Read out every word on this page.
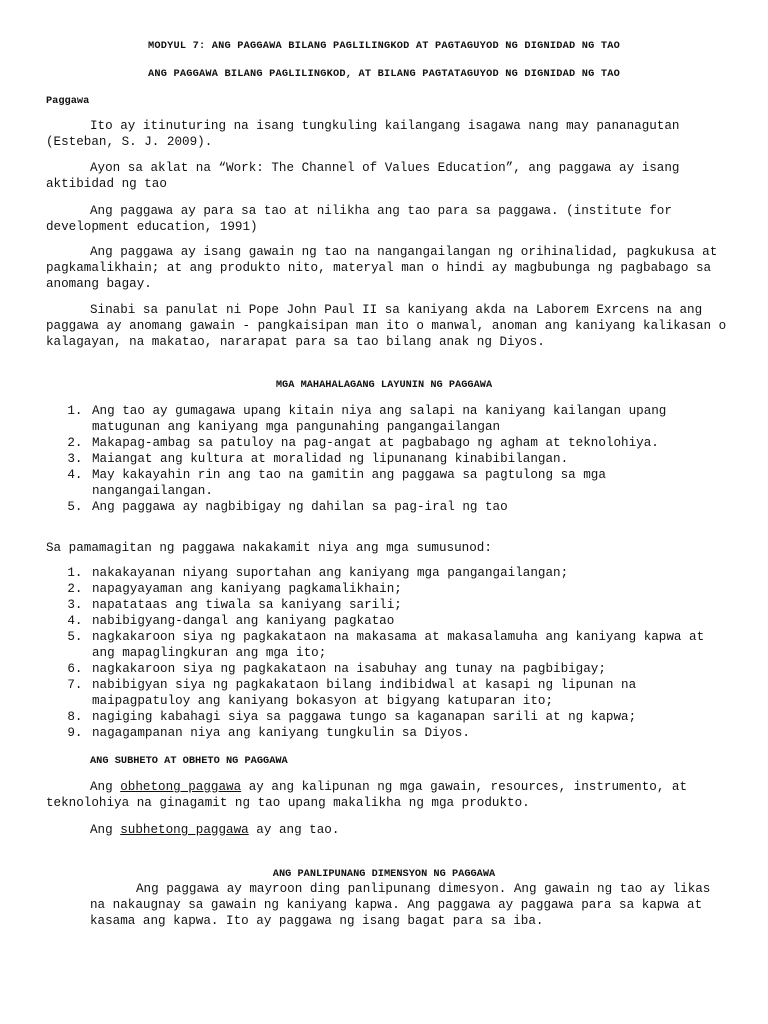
MODYUL 7: ANG PAGGAWA BILANG PAGLILINGKOD AT PAGTAGUYOD NG DIGNIDAD NG TAO

ANG PAGGAWA BILANG PAGLILINGKOD, AT BILANG PAGTATAGUYOD NG DIGNIDAD NG TAO

Paggawa

Ito ay itinuturing na isang tungkuling kailangang isagawa nang may pananagutan (Esteban, S. J. 2009).

Ayon sa aklat na “Work: The Channel of Values Education”, ang paggawa ay isang aktibidad ng tao

Ang paggawa ay para sa tao at nilikha ang tao para sa paggawa. (institute for development education, 1991)

Ang paggawa ay isang gawain ng tao na nangangailangan ng orihinalidad, pagkukusa at pagkamalikhain; at ang produkto nito, materyal man o hindi ay magbubunga ng pagbabago sa anomang bagay.

Sinabi sa panulat ni Pope John Paul II sa kaniyang akda na Laborem Exrcens na ang paggawa ay anomang gawain - pangkaisipan man ito o manwal, anoman ang kaniyang kalikasan o kalagayan, na makatao, nararapat para sa tao bilang anak ng Diyos.

MGA MAHAHALAGANG LAYUNIN NG PAGGAWA

1. Ang tao ay gumagawa upang kitain niya ang salapi na kaniyang kailangan upang matugunan ang kaniyang mga pangunahing pangangailangan
2. Makapag-ambag sa patuloy na pag-angat at pagbabago ng agham at teknolohiya.
3. Maiangat ang kultura at moralidad ng lipunanang kinabibilangan.
4. May kakayahin rin ang tao na gamitin ang paggawa sa pagtulong sa mga nangangailangan.
5. Ang paggawa ay nagbibigay ng dahilan sa pag-iral ng tao

Sa pamamagitan ng paggawa nakakamit niya ang mga sumusunod:

1. nakakayanan niyang suportahan ang kaniyang mga pangangailangan;
2. napagyayaman ang kaniyang pagkamalikhain;
3. napatataas ang tiwala sa kaniyang sarili;
4. nabibigyang-dangal ang kaniyang pagkatao
5. nagkakaroon siya ng pagkakataon na makasama at makasalamuha ang kaniyang kapwa at ang mapaglingkuran ang mga ito;
6. nagkakaroon siya ng pagkakataon na isabuhay ang tunay na pagbibigay;
7. nabibigyan siya ng pagkakataon bilang indibidwal at kasapi ng lipunan na maipagpatuloy ang kaniyang bokasyon at bigyang katuparan ito;
8. nagiging kabahagi siya sa paggawa tungo sa kaganapan sarili at ng kapwa;
9. nagagampanan niya ang kaniyang tungkulin sa Diyos.

ANG SUBHETO AT OBHETO NG PAGGAWA

Ang obhetong paggawa ay ang kalipunan ng mga gawain, resources, instrumento, at teknolohiya na ginagamit ng tao upang makalikha ng mga produkto.

Ang subhetong paggawa ay ang tao.

ANG PANLIPUNANG DIMENSYON NG PAGGAWA

Ang paggawa ay mayroon ding panlipunang dimesyon. Ang gawain ng tao ay likas na nakaugnay sa gawain ng kaniyang kapwa. Ang paggawa ay paggawa para sa kapwa at kasama ang kapwa. Ito ay paggawa ng isang bagat para sa iba.
